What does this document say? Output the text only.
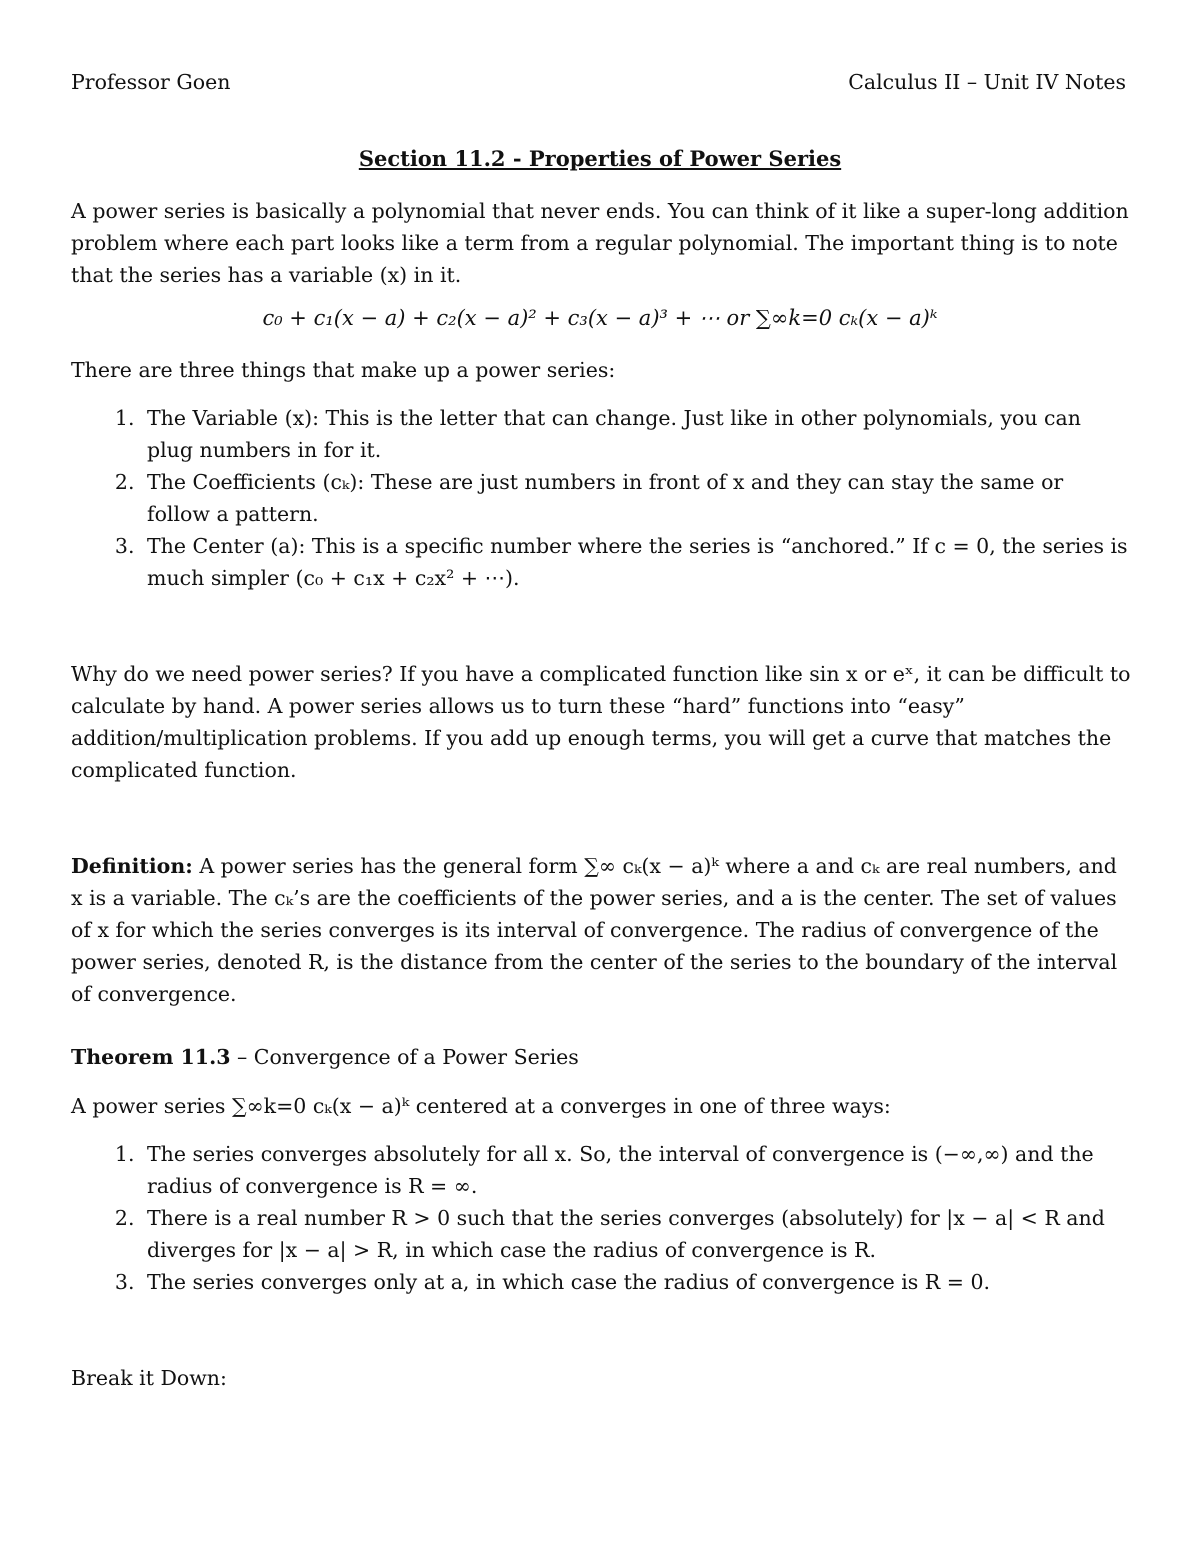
Professor Goen	Calculus II – Unit IV Notes
Section 11.2 - Properties of Power Series
A power series is basically a polynomial that never ends. You can think of it like a super-long addition problem where each part looks like a term from a regular polynomial. The important thing is to note that the series has a variable (x) in it.
c₀ + c₁(x − a) + c₂(x − a)² + c₃(x − a)³ + ⋯ or ∑∞k=0 cₖ(x − a)ᵏ
There are three things that make up a power series:
1. The Variable (x): This is the letter that can change. Just like in other polynomials, you can plug numbers in for it.
2. The Coefficients (cₖ): These are just numbers in front of x and they can stay the same or follow a pattern.
3. The Center (a): This is a specific number where the series is “anchored.” If c = 0, the series is much simpler (c₀ + c₁x + c₂x² + ⋯).
Why do we need power series? If you have a complicated function like sin x or eˣ, it can be difficult to calculate by hand. A power series allows us to turn these “hard” functions into “easy” addition/multiplication problems. If you add up enough terms, you will get a curve that matches the complicated function.
Definition: A power series has the general form ∑∞ cₖ(x − a)ᵏ where a and cₖ are real numbers, and x is a variable. The cₖ’s are the coefficients of the power series, and a is the center. The set of values of x for which the series converges is its interval of convergence. The radius of convergence of the power series, denoted R, is the distance from the center of the series to the boundary of the interval of convergence.
Theorem 11.3 – Convergence of a Power Series
A power series ∑∞k=0 cₖ(x − a)ᵏ centered at a converges in one of three ways:
1. The series converges absolutely for all x. So, the interval of convergence is (−∞,∞) and the radius of convergence is R = ∞.
2. There is a real number R > 0 such that the series converges (absolutely) for |x − a| < R and diverges for |x − a| > R, in which case the radius of convergence is R.
3. The series converges only at a, in which case the radius of convergence is R = 0.
Break it Down:
